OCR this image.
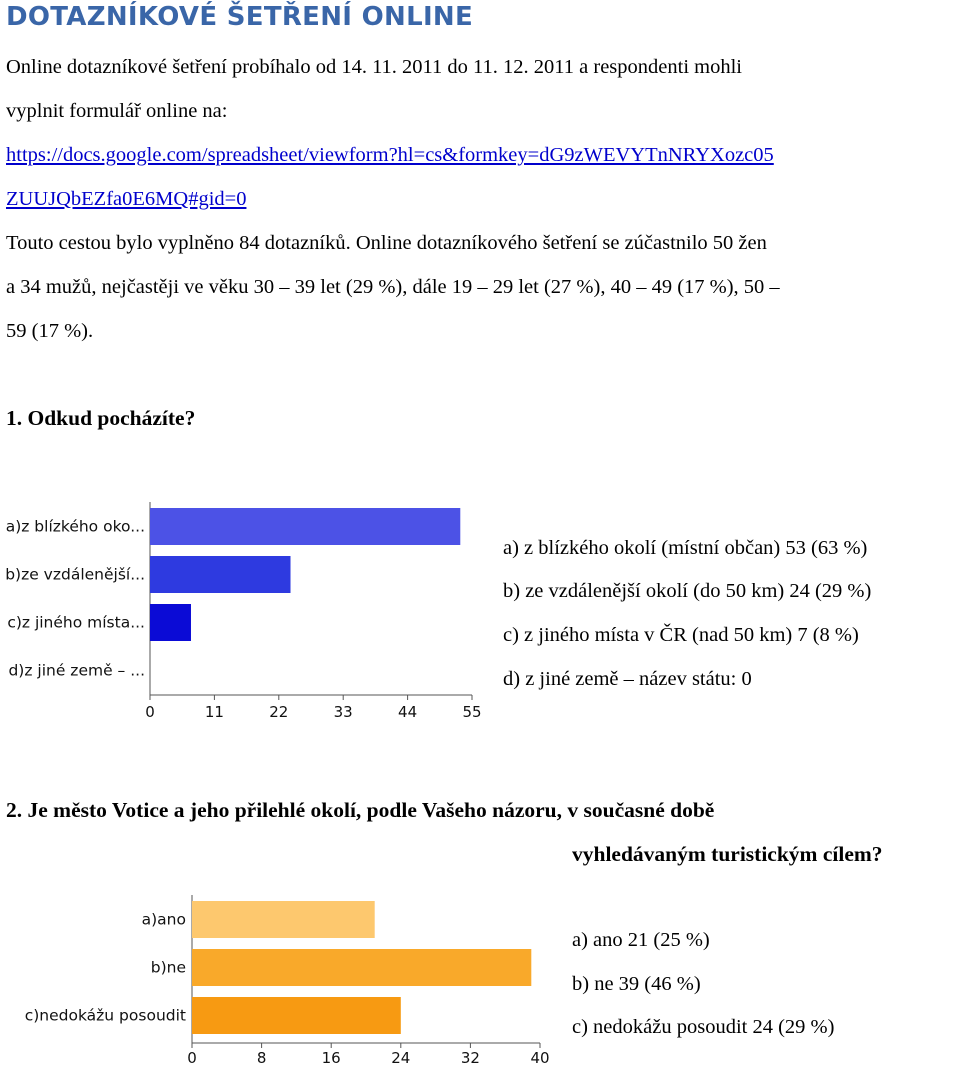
DOTAZNÍKOVÉ ŠETŘENÍ ONLINE
Online dotazníkové šetření probíhalo od 14. 11. 2011 do 11. 12. 2011 a respondenti mohli
vyplnit formulář online na:
https://docs.google.com/spreadsheet/viewform?hl=cs&formkey=dG9zWEVYTnNRYXozc05
ZUUJQbEZfa0E6MQ#gid=0
Touto cestou bylo vyplněno 84 dotazníků. Online dotazníkového šetření se zúčastnilo 50 žen
a 34 mužů, nejčastěji ve věku 30 – 39 let (29 %), dále 19 – 29 let (27 %), 40 – 49 (17 %), 50 –
59 (17 %).
1. Odkud pocházíte?
a)z blízkého oko...
b)ze vzdálenější...
c)z jiného místa...
d)z jiné země – ...
0	11	22	33	44	55
a)ano
b)ne
c)nedokážu posoudit
0	8	16	24	32	40
a) z blízkého okolí (místní občan) 53 (63 %)
b) ze vzdálenější okolí (do 50 km) 24 (29 %)
c) z jiného místa v ČR (nad 50 km) 7 (8 %)
d) z jiné země – název státu: 0
2. Je město Votice a jeho přilehlé okolí, podle Vašeho názoru, v současné době
vyhledávaným turistickým cílem?
a) ano 21 (25 %)
b) ne 39 (46 %)
c) nedokážu posoudit 24 (29 %)
